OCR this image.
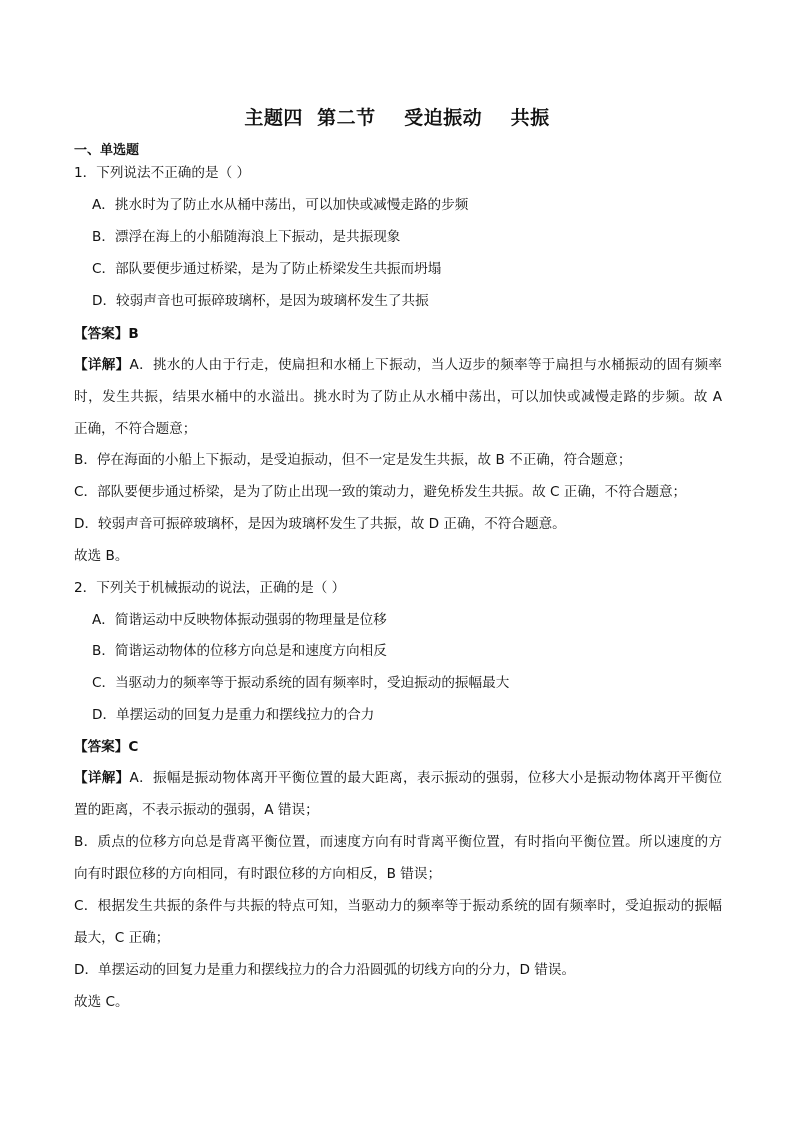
主题四  第二节    受迫振动    共振
一、单选题
1．下列说法不正确的是（ ）
A．挑水时为了防止水从桶中荡出，可以加快或减慢走路的步频
B．漂浮在海上的小船随海浪上下振动，是共振现象
C．部队要便步通过桥梁，是为了防止桥梁发生共振而坍塌
D．较弱声音也可振碎玻璃杯，是因为玻璃杯发生了共振
【答案】B
【详解】A．挑水的人由于行走，使扁担和水桶上下振动，当人迈步的频率等于扁担与水桶振动的固有频率
时，发生共振，结果水桶中的水溢出。挑水时为了防止从水桶中荡出，可以加快或减慢走路的步频。故 A
正确，不符合题意；
B．停在海面的小船上下振动，是受迫振动，但不一定是发生共振，故 B 不正确，符合题意；
C．部队要便步通过桥梁，是为了防止出现一致的策动力，避免桥发生共振。故 C 正确，不符合题意；
D．较弱声音可振碎玻璃杯，是因为玻璃杯发生了共振，故 D 正确，不符合题意。
故选 B。
2．下列关于机械振动的说法，正确的是（ ）
A．简谐运动中反映物体振动强弱的物理量是位移
B．简谐运动物体的位移方向总是和速度方向相反
C．当驱动力的频率等于振动系统的固有频率时，受迫振动的振幅最大
D．单摆运动的回复力是重力和摆线拉力的合力
【答案】C
【详解】A．振幅是振动物体离开平衡位置的最大距离，表示振动的强弱，位移大小是振动物体离开平衡位
置的距离，不表示振动的强弱，A 错误；
B．质点的位移方向总是背离平衡位置，而速度方向有时背离平衡位置，有时指向平衡位置。所以速度的方
向有时跟位移的方向相同，有时跟位移的方向相反，B 错误；
C．根据发生共振的条件与共振的特点可知，当驱动力的频率等于振动系统的固有频率时，受迫振动的振幅
最大，C 正确；
D．单摆运动的回复力是重力和摆线拉力的合力沿圆弧的切线方向的分力，D 错误。
故选 C。
